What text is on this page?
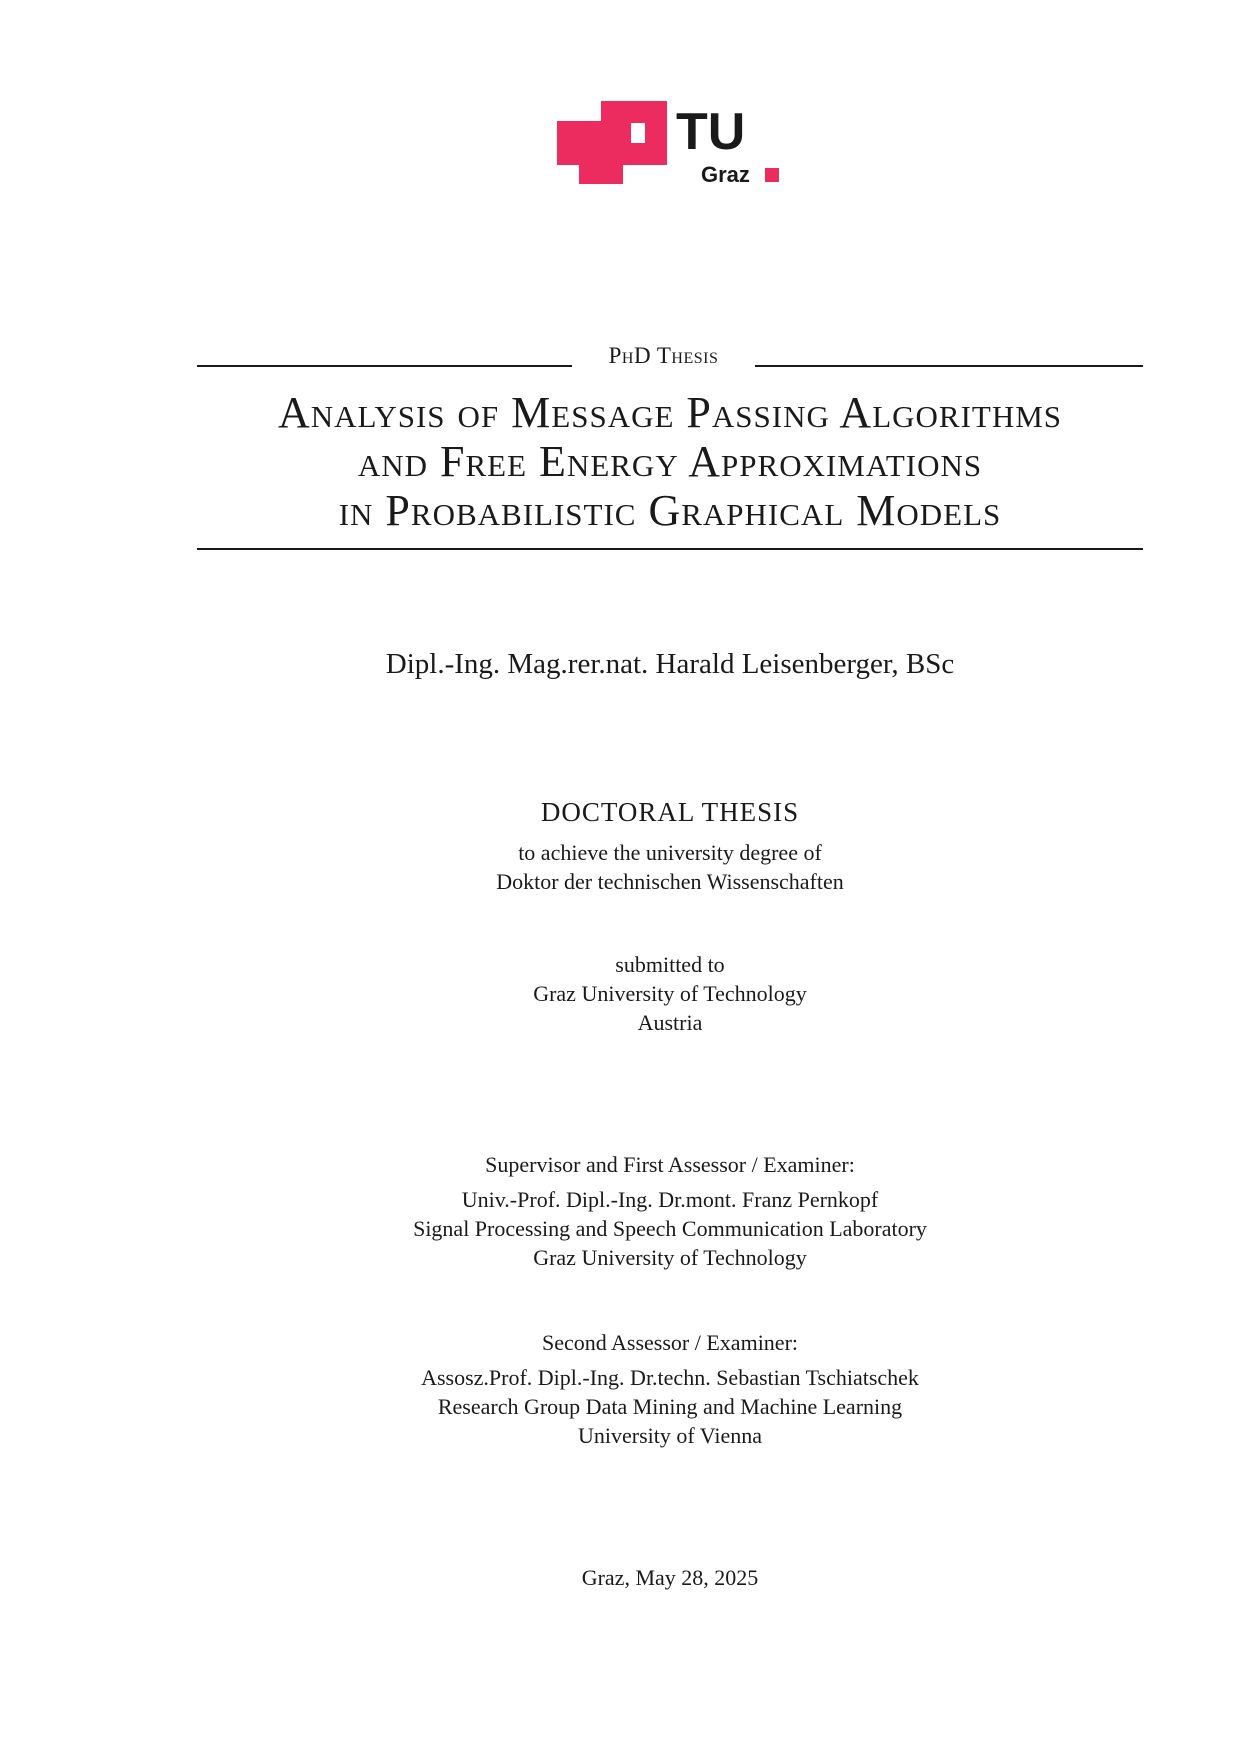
TU
Graz
PhD Thesis
Analysis of Message Passing Algorithms
and Free Energy Approximations
in Probabilistic Graphical Models
Dipl.-Ing. Mag.rer.nat. Harald Leisenberger, BSc
DOCTORAL THESIS
to achieve the university degree of
Doktor der technischen Wissenschaften
submitted to
Graz University of Technology
Austria
Supervisor and First Assessor / Examiner:
Univ.-Prof. Dipl.-Ing. Dr.mont. Franz Pernkopf
Signal Processing and Speech Communication Laboratory
Graz University of Technology
Second Assessor / Examiner:
Assosz.Prof. Dipl.-Ing. Dr.techn. Sebastian Tschiatschek
Research Group Data Mining and Machine Learning
University of Vienna
Graz, May 28, 2025
